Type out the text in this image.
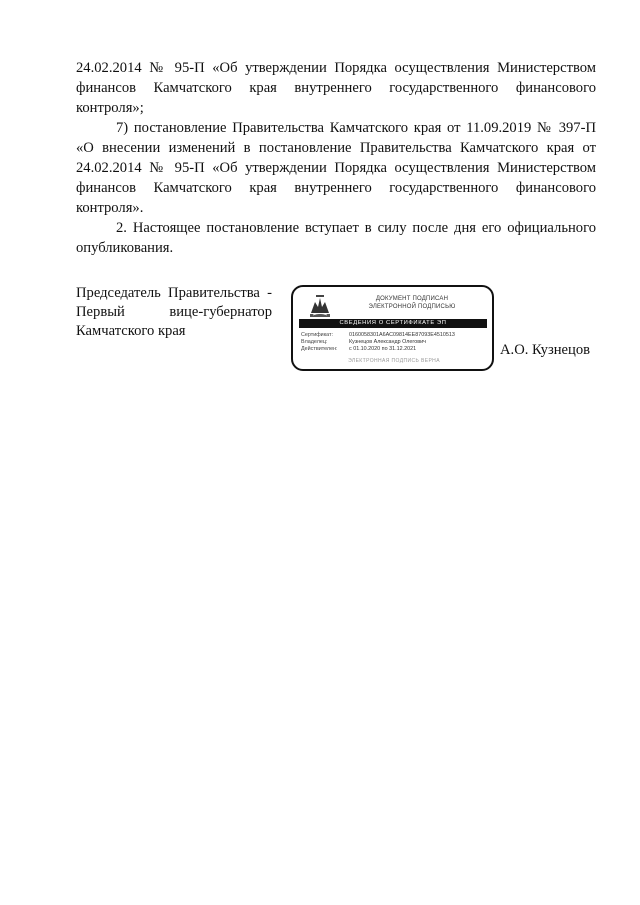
24.02.2014 № 95-П «Об утверждении Порядка осуществления Министерством финансов Камчатского края внутреннего государственного финансового контроля»;

7) постановление Правительства Камчатского края от 11.09.2019 № 397-П «О внесении изменений в постановление Правительства Камчатского края от 24.02.2014 № 95-П «Об утверждении Порядка осуществления Министерством финансов Камчатского края внутреннего государственного финансового контроля».

2. Настоящее постановление вступает в силу после дня его официального опубликования.

Председатель Правительства -
Первый вице-губернатор
Камчатского края
ДОКУМЕНТ ПОДПИСАН
ЭЛЕКТРОННОЙ ПОДПИСЬЮ
СВЕДЕНИЯ О СЕРТИФИКАТЕ ЭП
Сертификат:	0160058301A6AC09814EE87093E4510513
Владелец:	Кузнецов Александр Олегович
Действителен:	с 01.10.2020 по 31.12.2021
ЭЛЕКТРОННАЯ ПОДПИСЬ ВЕРНА
А.О. Кузнецов
